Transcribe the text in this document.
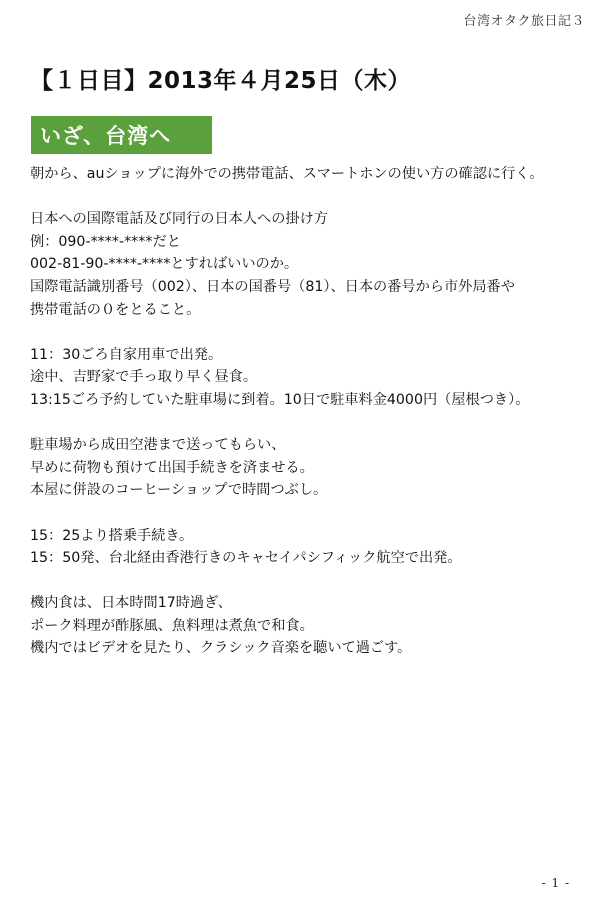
台湾オタク旅日記３
【１日目】2013年４月25日（木）
いざ、台湾へ
朝から、auショップに海外での携帯電話、スマートホンの使い方の確認に行く。
日本への国際電話及び同行の日本人への掛け方
例：090-****-****だと
002-81-90-****-****とすればいいのか。
国際電話識別番号（002）、日本の国番号（81）、日本の番号から市外局番や
携帯電話の０をとること。
11：30ごろ自家用車で出発。
途中、吉野家で手っ取り早く昼食。
13:15ごろ予約していた駐車場に到着。10日で駐車料金4000円（屋根つき）。
駐車場から成田空港まで送ってもらい、
早めに荷物も預けて出国手続きを済ませる。
本屋に併設のコーヒーショップで時間つぶし。
15：25より搭乗手続き。
15：50発、台北経由香港行きのキャセイパシフィック航空で出発。
機内食は、日本時間17時過ぎ、
ポーク料理が酢豚風、魚料理は煮魚で和食。
機内ではビデオを見たり、クラシック音楽を聴いて過ごす。
- 1 -
